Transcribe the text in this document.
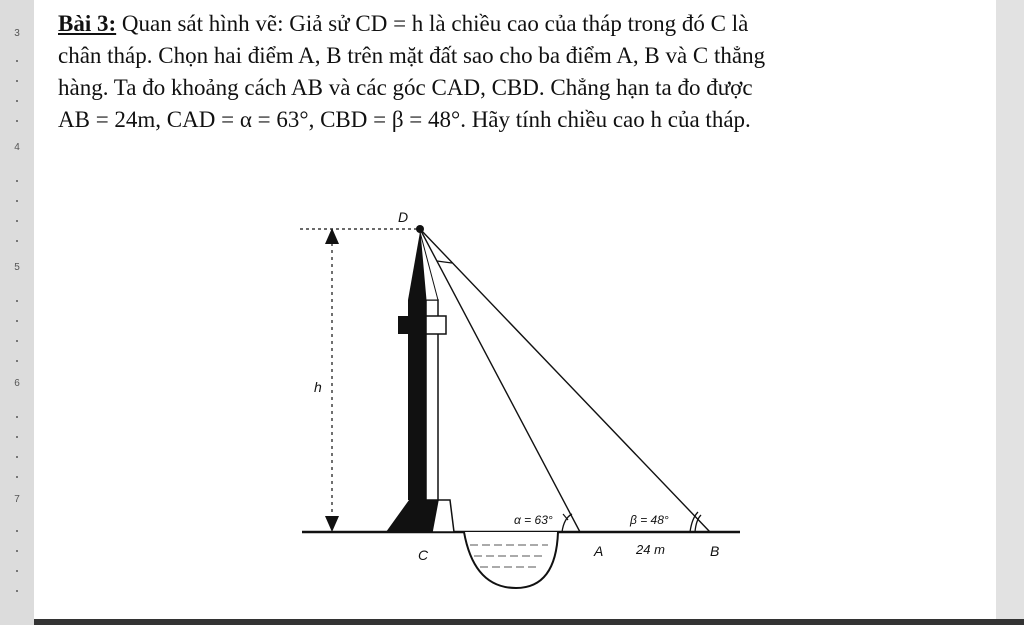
3
4
5
6
7
Bài 3: Quan sát hình vẽ: Giả sử CD = h là chiều cao của tháp trong đó C là
chân tháp. Chọn hai điểm A, B trên mặt đất sao cho ba điểm A, B và C thẳng
hàng. Ta đo khoảng cách AB và các góc CAD, CBD. Chẳng hạn ta đo được
AB = 24m, CAD = α = 63°, CBD = β = 48°. Hãy tính chiều cao h của tháp.
D
h
C	A	B
α = 63°	β = 48°
24 m
